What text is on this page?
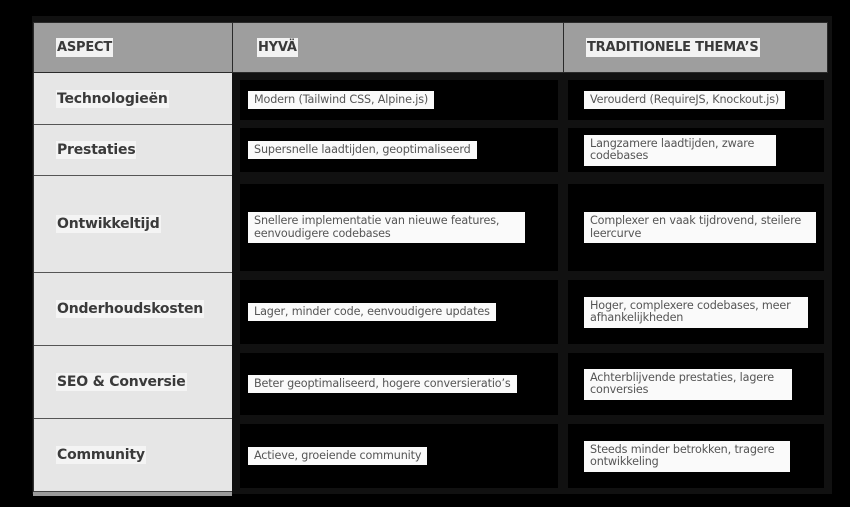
ASPECT	HYVÄ	TRADITIONELE THEMA’S
Technologieën
Prestaties
Ontwikkeltijd
Onderhoudskosten
SEO & Conversie
Community
Modern (Tailwind CSS, Alpine.js)
Supersnelle laadtijden, geoptimaliseerd
Snellere implementatie van nieuwe features, eenvoudigere codebases
Lager, minder code, eenvoudigere updates
Beter geoptimaliseerd, hogere conversieratio’s
Actieve, groeiende community
Verouderd (RequireJS, Knockout.js)
Langzamere laadtijden, zware codebases
Complexer en vaak tijdrovend, steilere leercurve
Hoger, complexere codebases, meer afhankelijkheden
Achterblijvende prestaties, lagere conversies
Steeds minder betrokken, tragere ontwikkeling
